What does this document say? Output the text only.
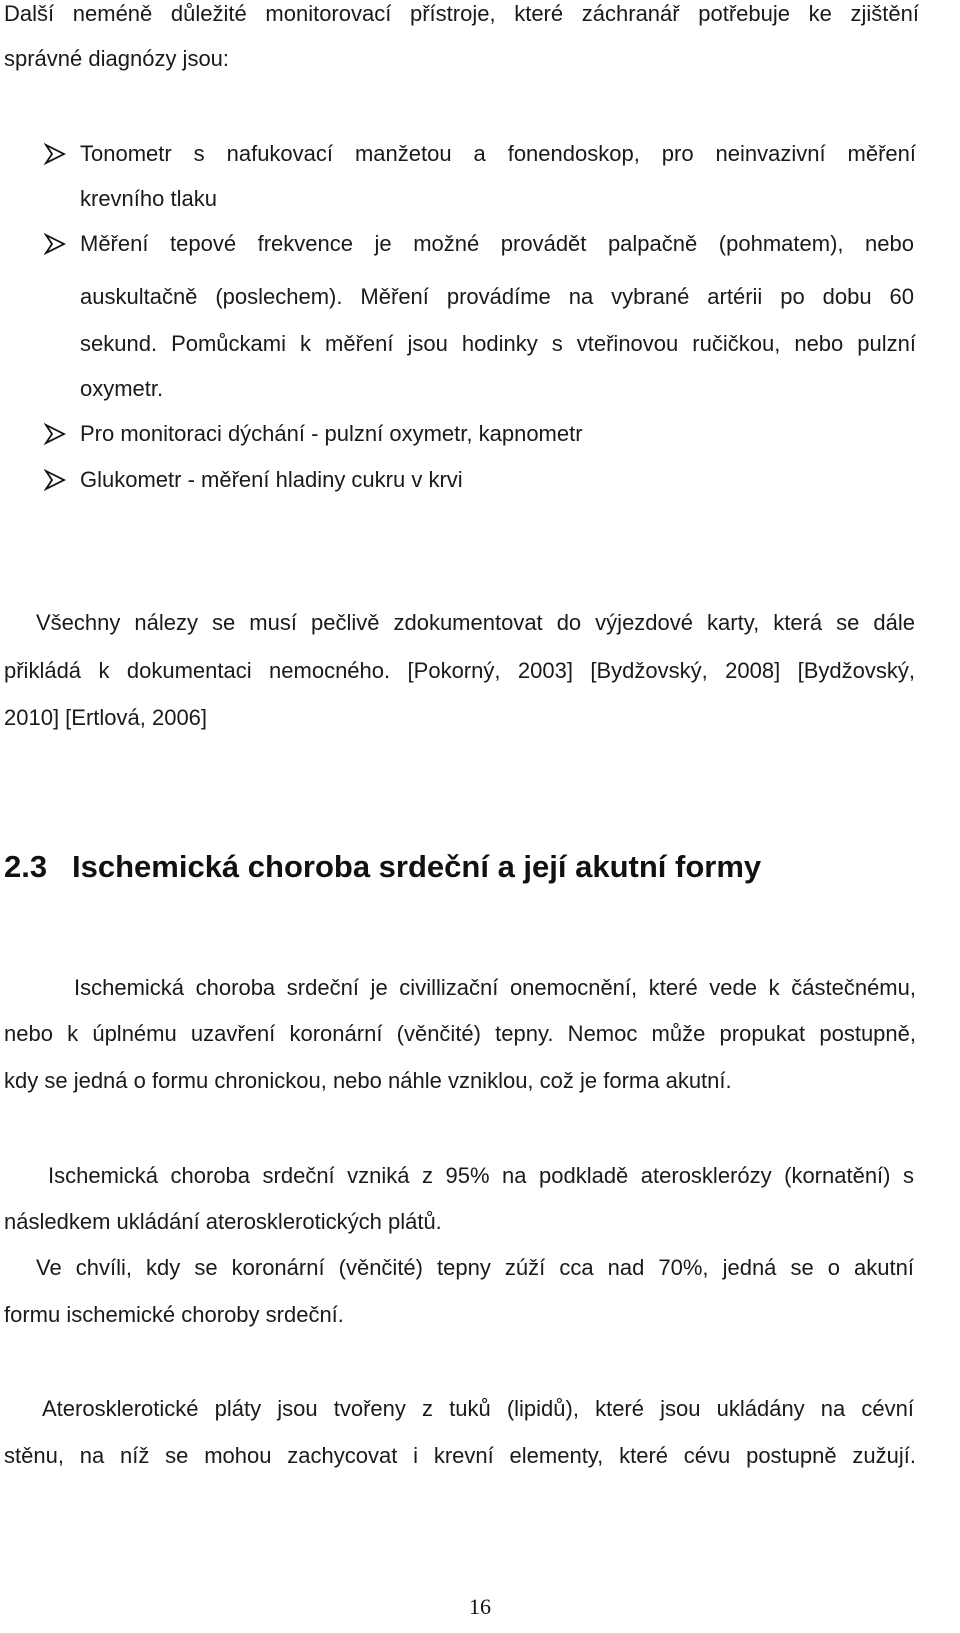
Další neméně důležité monitorovací přístroje, které záchranář potřebuje ke zjištění
správné diagnózy jsou:
Tonometr s nafukovací manžetou a fonendoskop, pro neinvazivní měření
krevního tlaku
Měření tepové frekvence je možné provádět palpačně (pohmatem), nebo
auskultačně (poslechem). Měření provádíme na vybrané artérii po dobu 60
sekund. Pomůckami k měření jsou hodinky s vteřinovou ručičkou, nebo pulzní
oxymetr.
Pro monitoraci dýchání - pulzní oxymetr, kapnometr
Glukometr - měření hladiny cukru v krvi
Všechny nálezy se musí pečlivě zdokumentovat do výjezdové karty, která se dále
přikládá k dokumentaci nemocného. [Pokorný, 2003] [Bydžovský, 2008] [Bydžovský,
2010] [Ertlová, 2006]
2.3 Ischemická choroba srdeční a její akutní formy
Ischemická choroba srdeční je civillizační onemocnění, které vede k částečnému,
nebo k úplnému uzavření koronární (věnčité) tepny. Nemoc může propukat postupně,
kdy se jedná o formu chronickou, nebo náhle vzniklou, což je forma akutní.
Ischemická choroba srdeční vzniká z 95% na podkladě aterosklerózy (kornatění) s
následkem ukládání aterosklerotických plátů.
Ve chvíli, kdy se koronární (věnčité) tepny zúží cca nad 70%, jedná se o akutní
formu ischemické choroby srdeční.
Aterosklerotické pláty jsou tvořeny z tuků (lipidů), které jsou ukládány na cévní
stěnu, na níž se mohou zachycovat i krevní elementy, které cévu postupně zužují.
16
